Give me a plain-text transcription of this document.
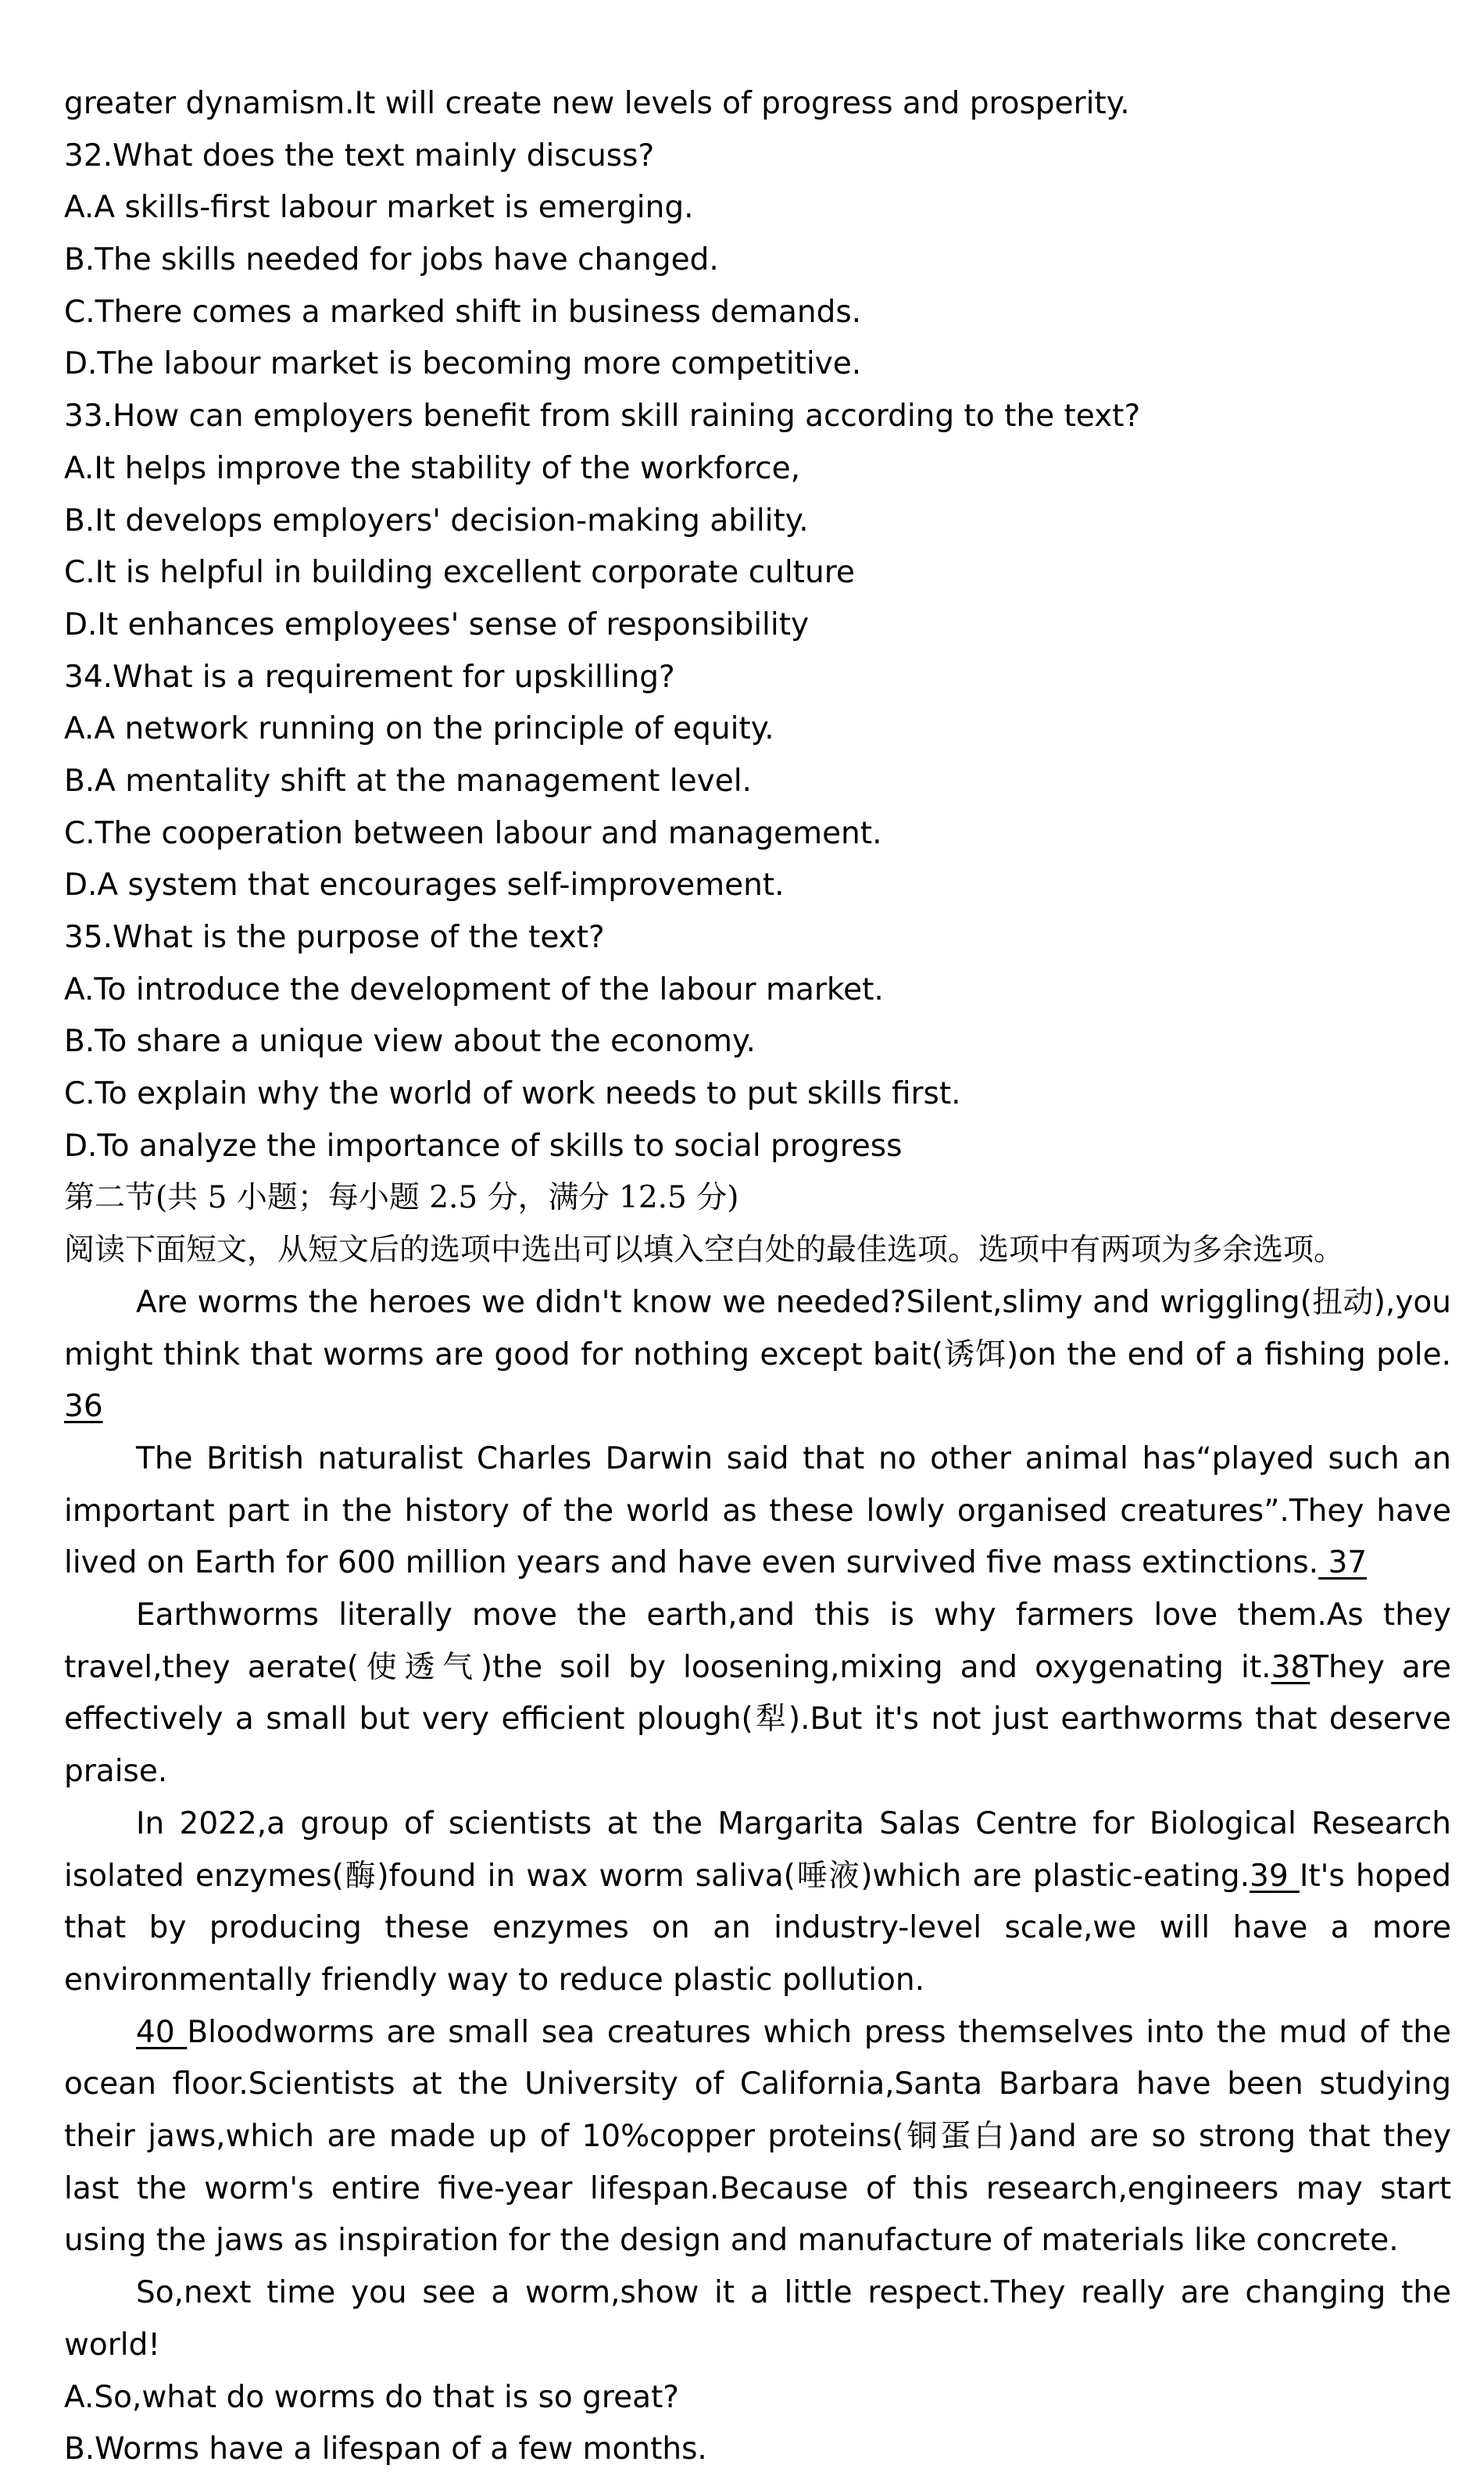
greater dynamism.It will create new levels of progress and prosperity.
32.What does the text mainly discuss?
A.A skills-first labour market is emerging.
B.The skills needed for jobs have changed.
C.There comes a marked shift in business demands.
D.The labour market is becoming more competitive.
33.How can employers benefit from skill raining according to the text?
A.It helps improve the stability of the workforce,
B.It develops employers' decision-making ability.
C.It is helpful in building excellent corporate culture
D.It enhances employees' sense of responsibility
34.What is a requirement for upskilling?
A.A network running on the principle of equity.
B.A mentality shift at the management level.
C.The cooperation between labour and management.
D.A system that encourages self-improvement.
35.What is the purpose of the text?
A.To introduce the development of the labour market.
B.To share a unique view about the economy.
C.To explain why the world of work needs to put skills first.
D.To analyze the importance of skills to social progress
第二节(共 5 小题；每小题 2.5 分，满分 12.5 分)

阅读下面短文，从短文后的选项中选出可以填入空白处的最佳选项。选项中有两项为多余选项。

Are worms the heroes we didn't know we needed?Silent,slimy and wriggling(扭动),you might think that worms are good for nothing except bait(诱饵)on the end of a fishing pole. 36

The British naturalist Charles Darwin said that no other animal has“played such an important part in the history of the world as these lowly organised creatures”.They have lived on Earth for 600 million years and have even survived five mass extinctions. 37

Earthworms literally move the earth,and this is why farmers love them.As they travel,they aerate(使透气)the soil by loosening,mixing and oxygenating it.38They are effectively a small but very efficient plough(犁).But it's not just earthworms that deserve praise.

In 2022,a group of scientists at the Margarita Salas Centre for Biological Research isolated enzymes(酶)found in wax worm saliva(唾液)which are plastic-eating.39 It's hoped that by producing these enzymes on an industry-level scale,we will have a more environmentally friendly way to reduce plastic pollution.

40 Bloodworms are small sea creatures which press themselves into the mud of the ocean floor.Scientists at the University of California,Santa Barbara have been studying their jaws,which are made up of 10%copper proteins(铜蛋白)and are so strong that they last the worm's entire five-year lifespan.Because of this research,engineers may start using the jaws as inspiration for the design and manufacture of materials like concrete.

So,next time you see a worm,show it a little respect.They really are changing the world!

A.So,what do worms do that is so great?
B.Worms have a lifespan of a few months.
